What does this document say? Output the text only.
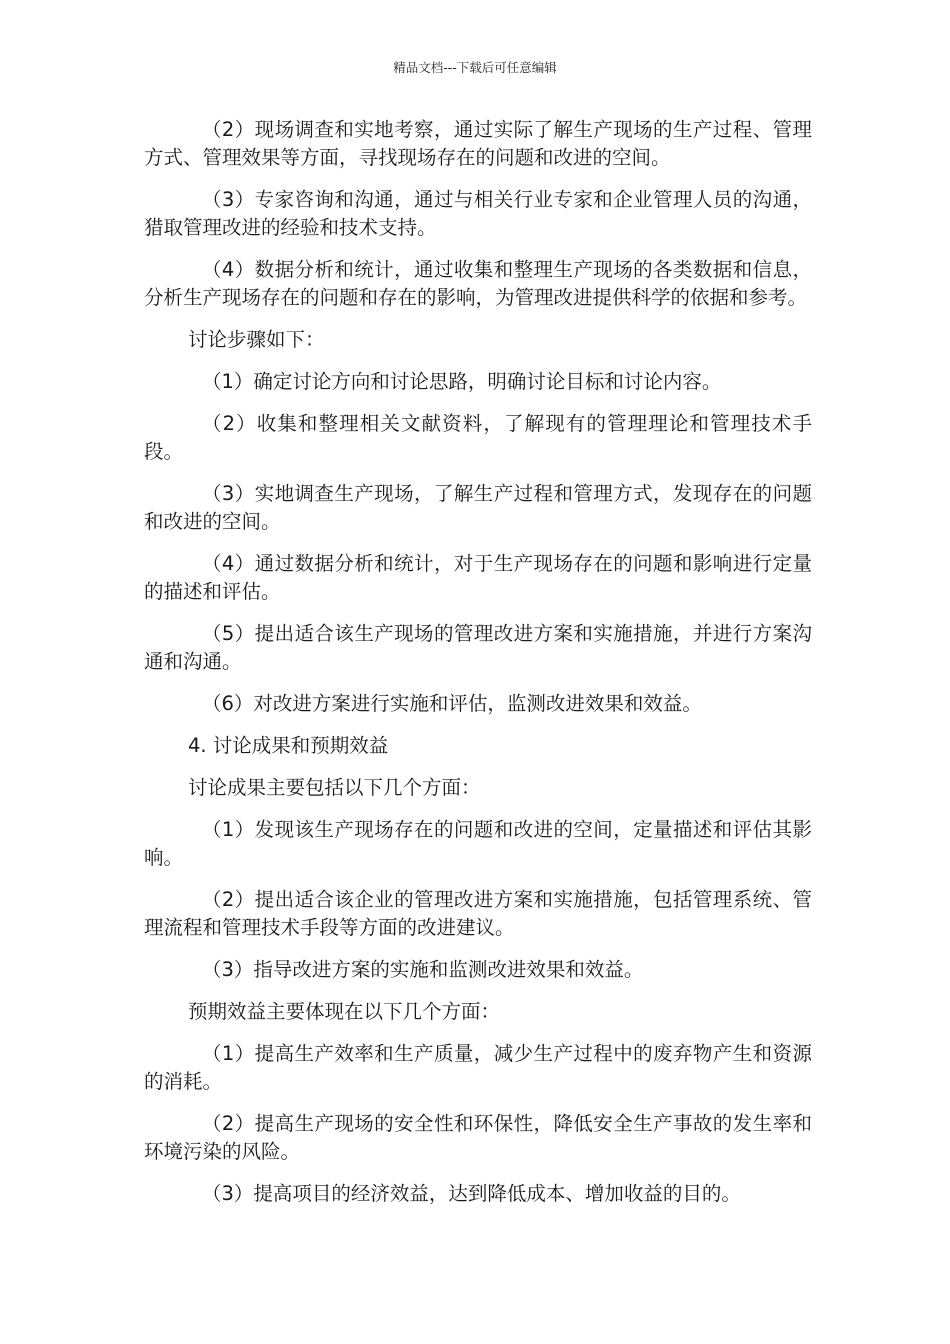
精品文档---下载后可任意编辑

（2）现场调查和实地考察，通过实际了解生产现场的生产过程、管理方式、管理效果等方面，寻找现场存在的问题和改进的空间。

（3）专家咨询和沟通，通过与相关行业专家和企业管理人员的沟通，猎取管理改进的经验和技术支持。

（4）数据分析和统计，通过收集和整理生产现场的各类数据和信息，分析生产现场存在的问题和存在的影响，为管理改进提供科学的依据和参考。

讨论步骤如下：

（1）确定讨论方向和讨论思路，明确讨论目标和讨论内容。

（2）收集和整理相关文献资料，了解现有的管理理论和管理技术手段。

（3）实地调查生产现场，了解生产过程和管理方式，发现存在的问题和改进的空间。

（4）通过数据分析和统计，对于生产现场存在的问题和影响进行定量的描述和评估。

（5）提出适合该生产现场的管理改进方案和实施措施，并进行方案沟通和沟通。

（6）对改进方案进行实施和评估，监测改进效果和效益。

4. 讨论成果和预期效益

讨论成果主要包括以下几个方面：

（1）发现该生产现场存在的问题和改进的空间，定量描述和评估其影响。

（2）提出适合该企业的管理改进方案和实施措施，包括管理系统、管理流程和管理技术手段等方面的改进建议。

（3）指导改进方案的实施和监测改进效果和效益。

预期效益主要体现在以下几个方面：

（1）提高生产效率和生产质量，减少生产过程中的废弃物产生和资源的消耗。

（2）提高生产现场的安全性和环保性，降低安全生产事故的发生率和环境污染的风险。

（3）提高项目的经济效益，达到降低成本、增加收益的目的。
